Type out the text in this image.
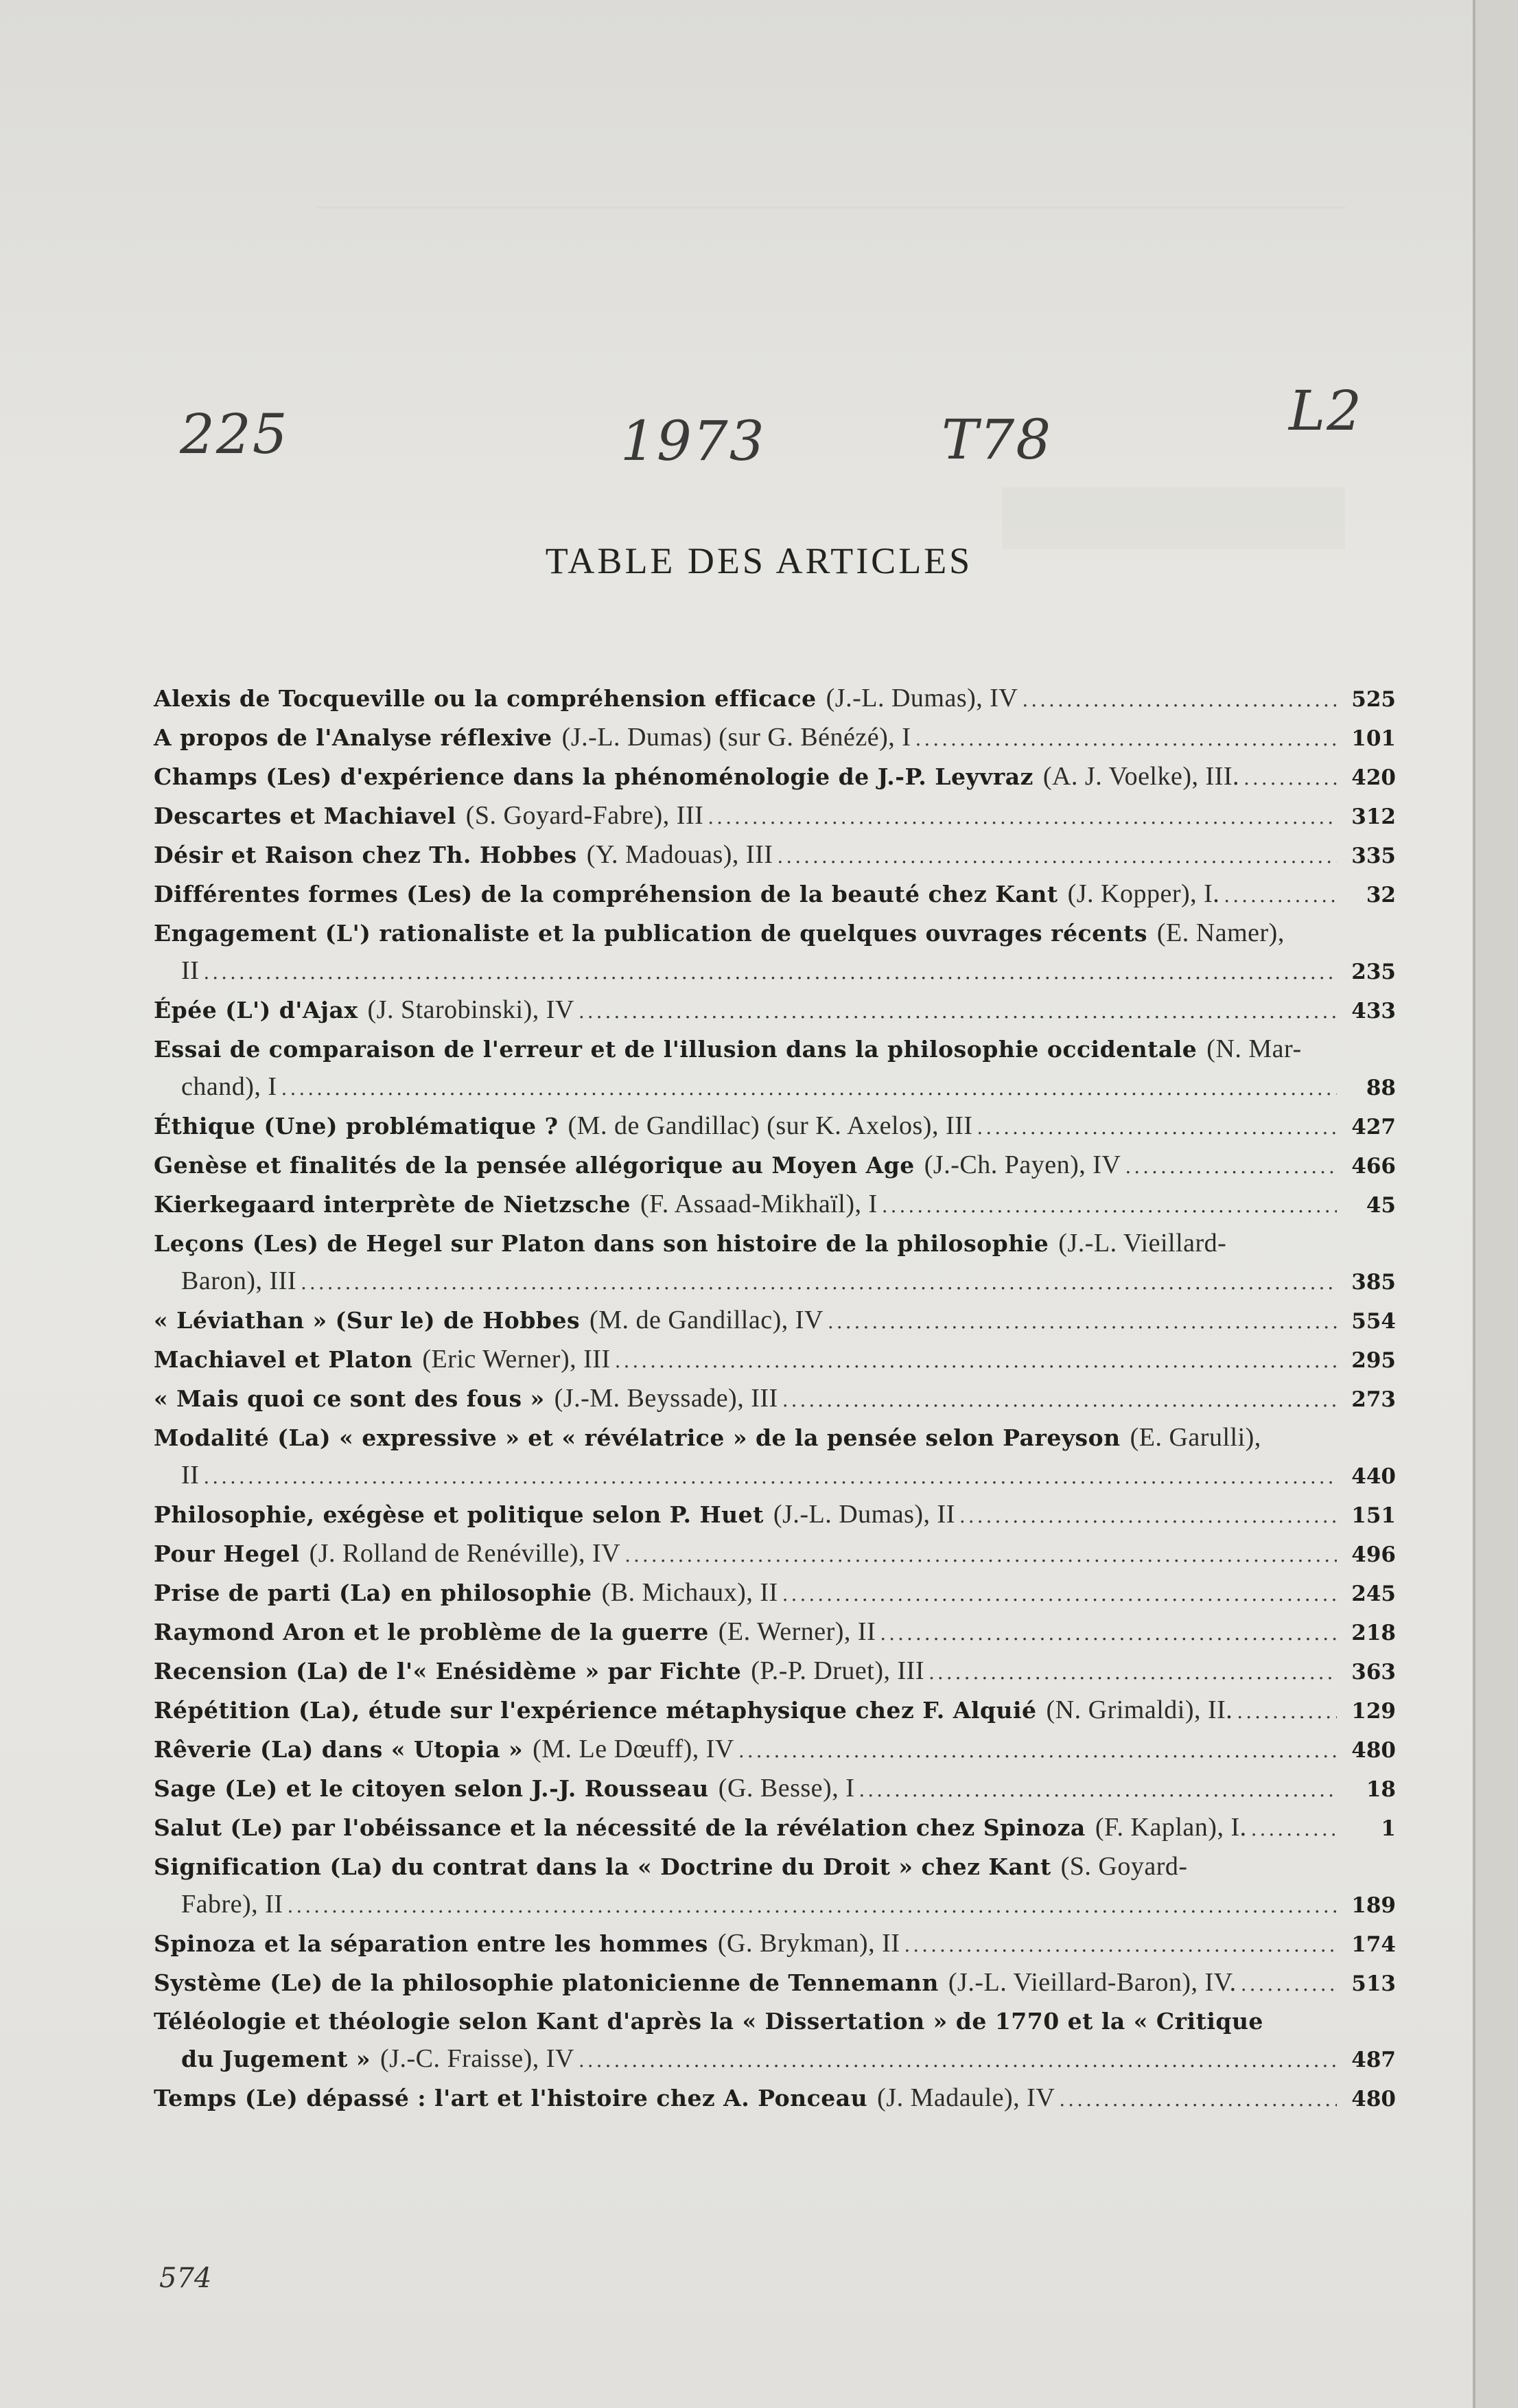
225	1973	T78	L2
TABLE DES ARTICLES
Alexis de Tocqueville ou la compréhension efficace (J.-L. Dumas), IV .....	525
A propos de l'Analyse réflexive (J.-L. Dumas) (sur G. Bénézé), I .....	101
Champs (Les) d'expérience dans la phénoménologie de J.-P. Leyvraz (A. J. Voelke), III. .....	420
Descartes et Machiavel (S. Goyard-Fabre), III .....	312
Désir et Raison chez Th. Hobbes (Y. Madouas), III .....	335
Différentes formes (Les) de la compréhension de la beauté chez Kant (J. Kopper), I. .....	32
Engagement (L') rationaliste et la publication de quelques ouvrages récents (E. Namer),
II .....	235
Épée (L') d'Ajax (J. Starobinski), IV .....	433
Essai de comparaison de l'erreur et de l'illusion dans la philosophie occidentale (N. Mar-
chand), I .....	88
Éthique (Une) problématique ? (M. de Gandillac) (sur K. Axelos), III .....	427
Genèse et finalités de la pensée allégorique au Moyen Age (J.-Ch. Payen), IV .....	466
Kierkegaard interprète de Nietzsche (F. Assaad-Mikhaïl), I .....	45
Leçons (Les) de Hegel sur Platon dans son histoire de la philosophie (J.-L. Vieillard-
Baron), III .....	385
« Léviathan » (Sur le) de Hobbes (M. de Gandillac), IV .....	554
Machiavel et Platon (Eric Werner), III .....	295
« Mais quoi ce sont des fous » (J.-M. Beyssade), III .....	273
Modalité (La) « expressive » et « révélatrice » de la pensée selon Pareyson (E. Garulli),
II .....	440
Philosophie, exégèse et politique selon P. Huet (J.-L. Dumas), II .....	151
Pour Hegel (J. Rolland de Renéville), IV .....	496
Prise de parti (La) en philosophie (B. Michaux), II .....	245
Raymond Aron et le problème de la guerre (E. Werner), II .....	218
Recension (La) de l'« Enésidème » par Fichte (P.-P. Druet), III .....	363
Répétition (La), étude sur l'expérience métaphysique chez F. Alquié (N. Grimaldi), II. .....	129
Rêverie (La) dans « Utopia » (M. Le Dœuff), IV .....	480
Sage (Le) et le citoyen selon J.-J. Rousseau (G. Besse), I .....	18
Salut (Le) par l'obéissance et la nécessité de la révélation chez Spinoza (F. Kaplan), I. .....	1
Signification (La) du contrat dans la « Doctrine du Droit » chez Kant (S. Goyard-
Fabre), II .....	189
Spinoza et la séparation entre les hommes (G. Brykman), II .....	174
Système (Le) de la philosophie platonicienne de Tennemann (J.-L. Vieillard-Baron), IV. .....	513
Téléologie et théologie selon Kant d'après la « Dissertation » de 1770 et la « Critique
du Jugement » (J.-C. Fraisse), IV .....	487
Temps (Le) dépassé : l'art et l'histoire chez A. Ponceau (J. Madaule), IV .....	480
574
